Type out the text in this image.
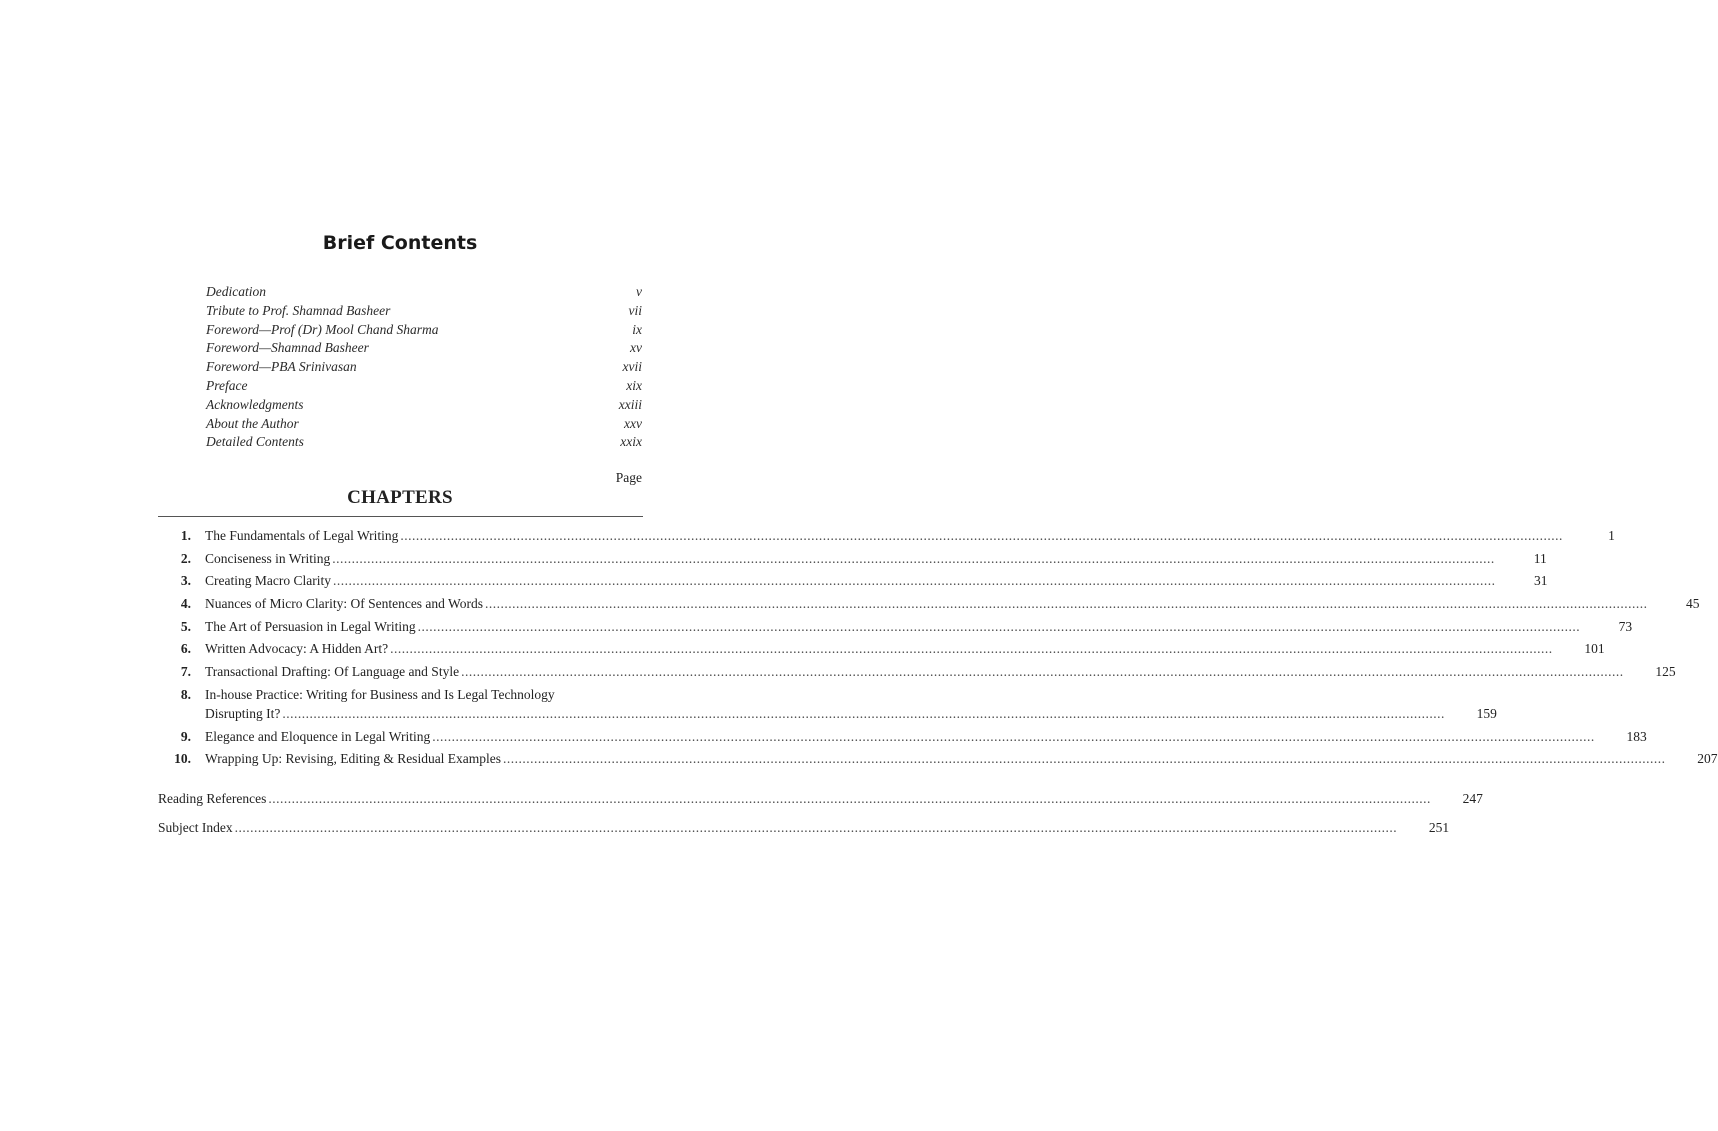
Brief Contents
Dedication	v
Tribute to Prof. Shamnad Basheer	vii
Foreword—Prof (Dr) Mool Chand Sharma	ix
Foreword—Shamnad Basheer	xv
Foreword—PBA Srinivasan	xvii
Preface	xix
Acknowledgments	xxiii
About the Author	xxv
Detailed Contents	xxix
Page
CHAPTERS
1. The Fundamentals of Legal Writing ............................................................................................................................................................................................................................................................................................................	1
2. Conciseness in Writing ............................................................................................................................................................................................................................................................................................................	11
3. Creating Macro Clarity ............................................................................................................................................................................................................................................................................................................	31
4. Nuances of Micro Clarity: Of Sentences and Words ............................................................................................................................................................................................................................................................................................................	45
5. The Art of Persuasion in Legal Writing ............................................................................................................................................................................................................................................................................................................	73
6. Written Advocacy: A Hidden Art? ............................................................................................................................................................................................................................................................................................................	101
7. Transactional Drafting: Of Language and Style ............................................................................................................................................................................................................................................................................................................	125
8. In-house Practice: Writing for Business and Is Legal Technology
Disrupting It? ............................................................................................................................................................................................................................................................................................................	159
9. Elegance and Eloquence in Legal Writing ............................................................................................................................................................................................................................................................................................................	183
10. Wrapping Up: Revising, Editing & Residual Examples ............................................................................................................................................................................................................................................................................................................	207
Reading References ............................................................................................................................................................................................................................................................................................................	247
Subject Index ............................................................................................................................................................................................................................................................................................................	251
